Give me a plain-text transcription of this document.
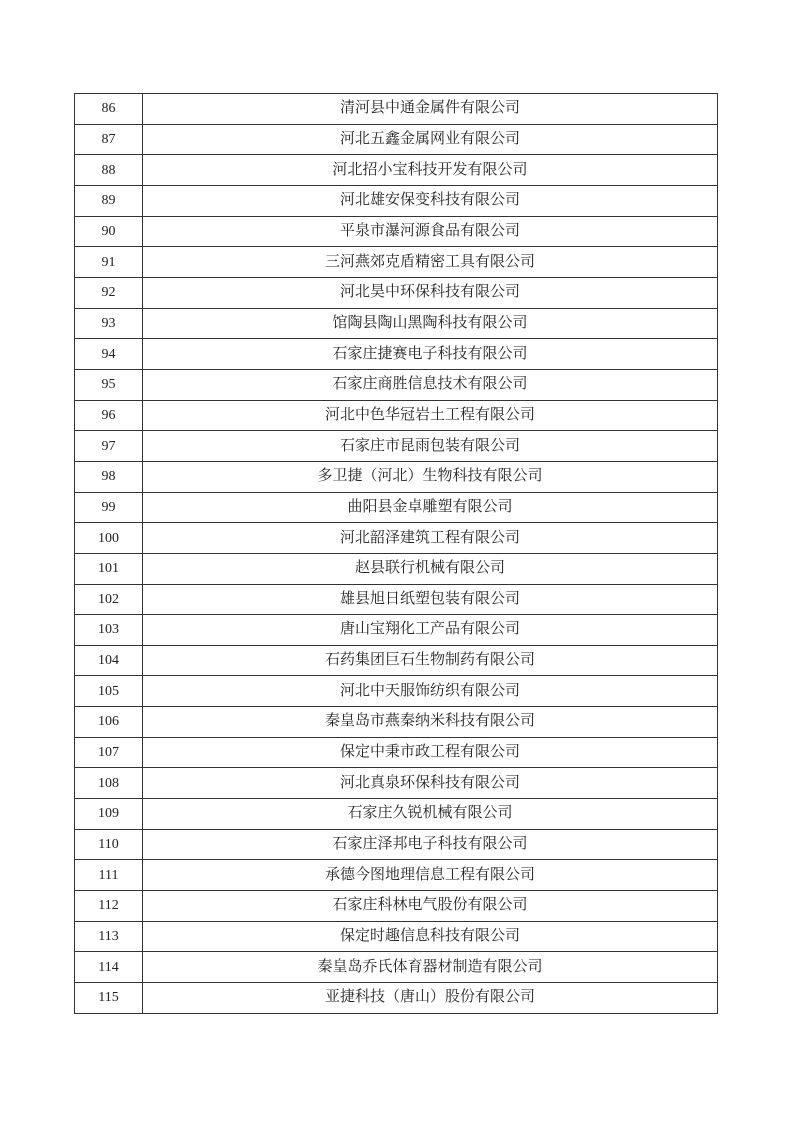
86	清河县中通金属件有限公司
87	河北五鑫金属网业有限公司
88	河北招小宝科技开发有限公司
89	河北雄安保变科技有限公司
90	平泉市瀑河源食品有限公司
91	三河燕郊克盾精密工具有限公司
92	河北昊中环保科技有限公司
93	馆陶县陶山黑陶科技有限公司
94	石家庄捷赛电子科技有限公司
95	石家庄商胜信息技术有限公司
96	河北中色华冠岩土工程有限公司
97	石家庄市昆雨包装有限公司
98	多卫捷（河北）生物科技有限公司
99	曲阳县金卓雕塑有限公司
100	河北韶泽建筑工程有限公司
101	赵县联行机械有限公司
102	雄县旭日纸塑包装有限公司
103	唐山宝翔化工产品有限公司
104	石药集团巨石生物制药有限公司
105	河北中天服饰纺织有限公司
106	秦皇岛市燕秦纳米科技有限公司
107	保定中秉市政工程有限公司
108	河北真泉环保科技有限公司
109	石家庄久锐机械有限公司
110	石家庄泽邦电子科技有限公司
111	承德今图地理信息工程有限公司
112	石家庄科林电气股份有限公司
113	保定时趣信息科技有限公司
114	秦皇岛乔氏体育器材制造有限公司
115	亚捷科技（唐山）股份有限公司
